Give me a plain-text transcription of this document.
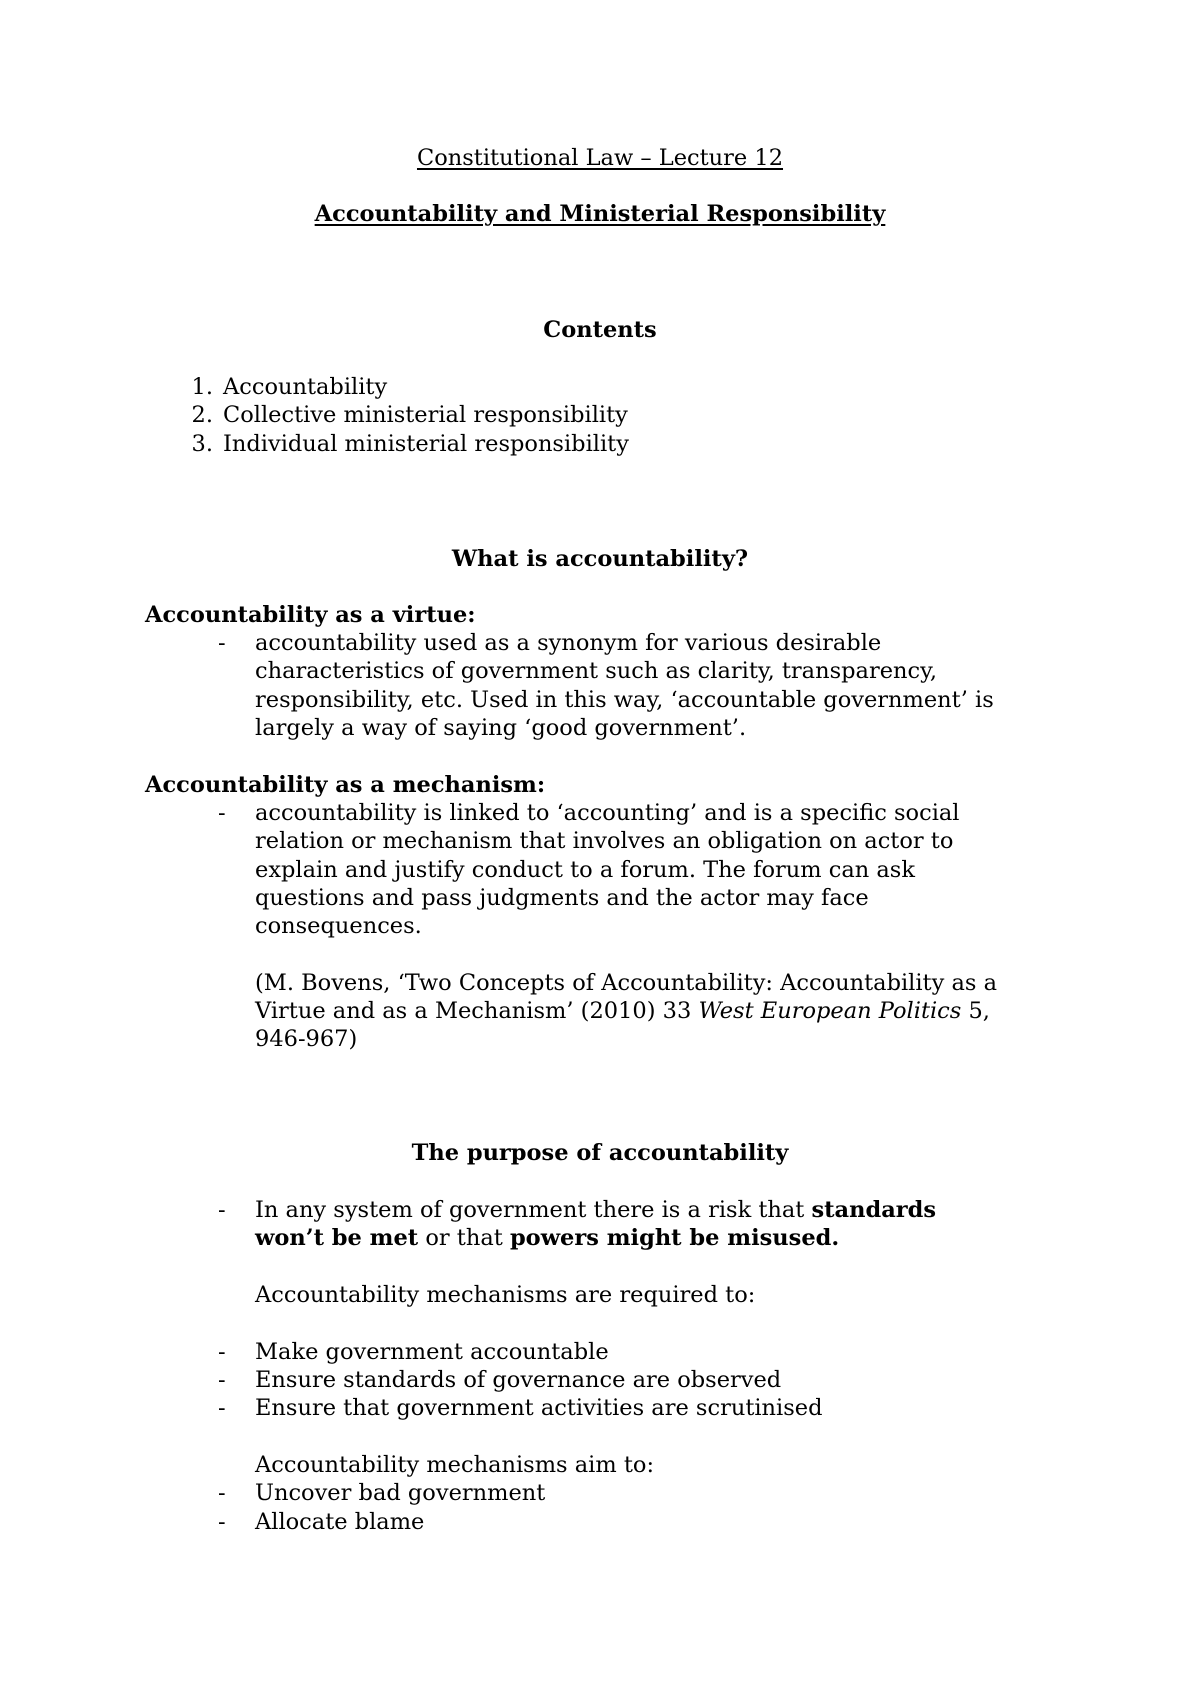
Constitutional Law – Lecture 12

Accountability and Ministerial Responsibility

Contents

1. Accountability

2. Collective ministerial responsibility

3. Individual ministerial responsibility

What is accountability?

Accountability as a virtue:

- accountability used as a synonym for various desirable

characteristics of government such as clarity, transparency,

responsibility, etc. Used in this way, ‘accountable government’ is

largely a way of saying ‘good government’.

Accountability as a mechanism:

- accountability is linked to ‘accounting’ and is a specific social

relation or mechanism that involves an obligation on actor to

explain and justify conduct to a forum. The forum can ask

questions and pass judgments and the actor may face

consequences.

(M. Bovens, ‘Two Concepts of Accountability: Accountability as a

Virtue and as a Mechanism’ (2010) 33 West European Politics 5,

946-967)

The purpose of accountability

- In any system of government there is a risk that standards

won’t be met or that powers might be misused.

Accountability mechanisms are required to:

- Make government accountable

- Ensure standards of governance are observed

- Ensure that government activities are scrutinised

Accountability mechanisms aim to:

- Uncover bad government

- Allocate blame
